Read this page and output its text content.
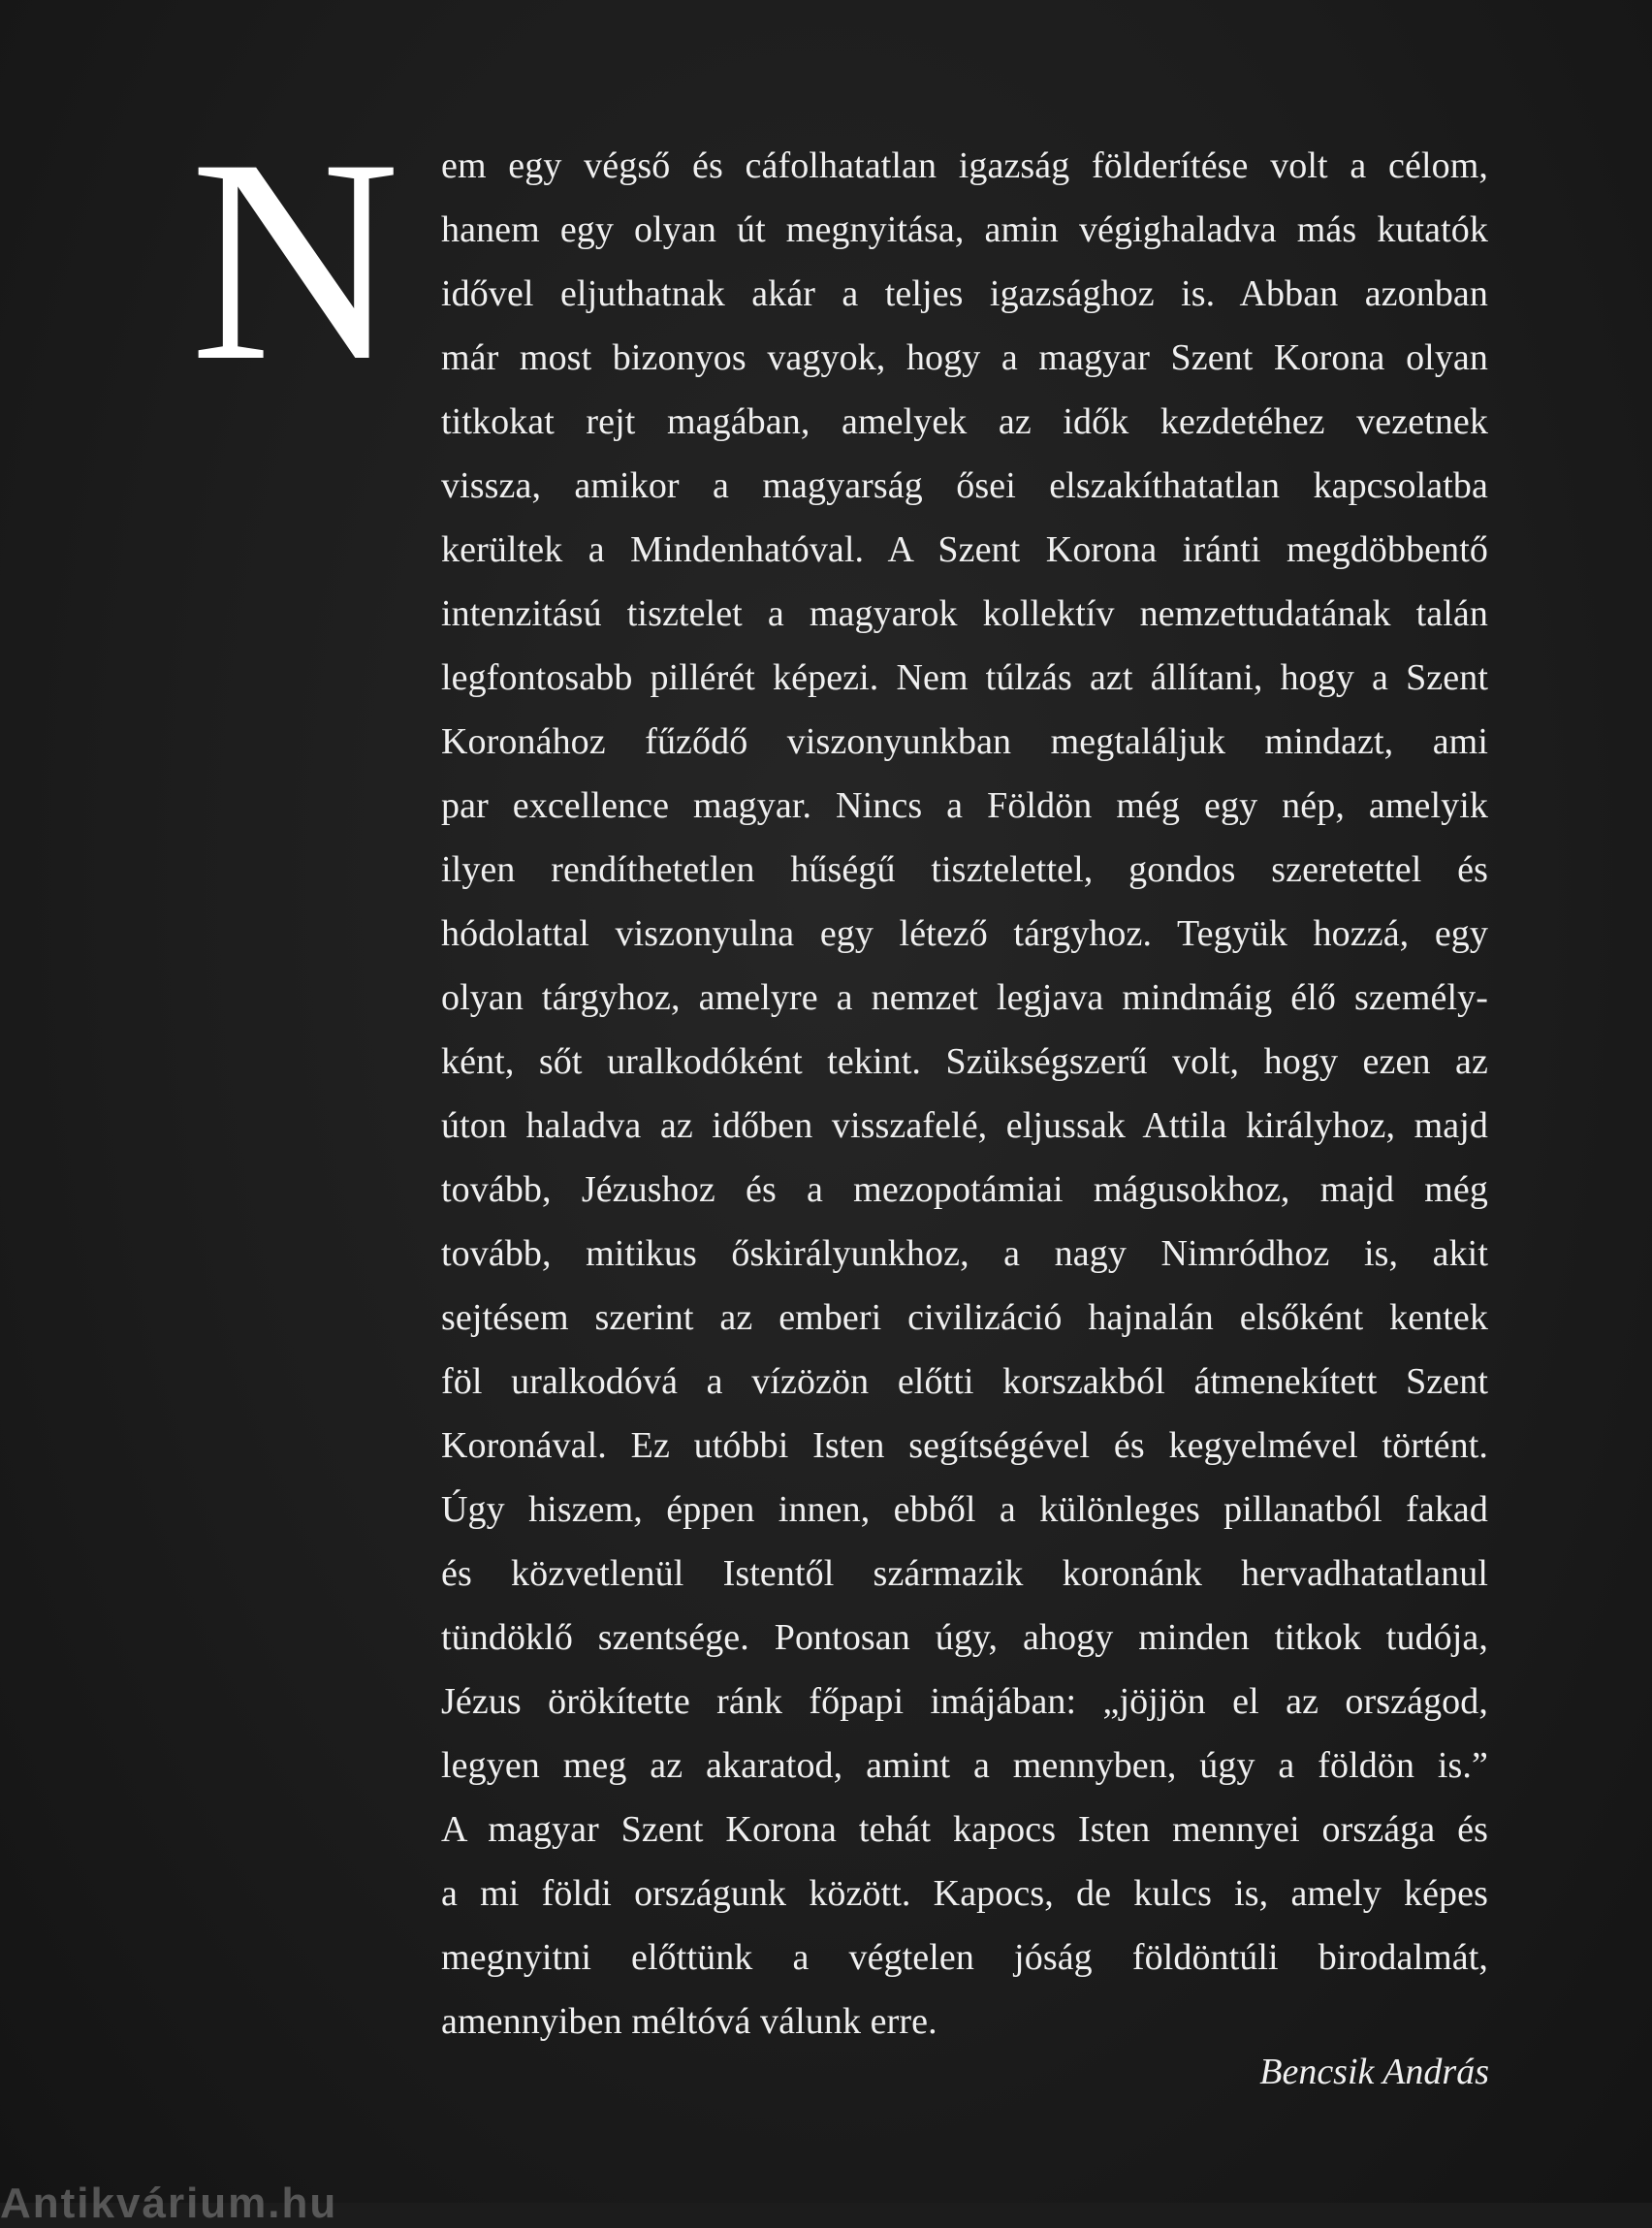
N em egy végső és cáfolhatatlan igazság földerítése volt a célom,
hanem egy olyan út megnyitása, amin végighaladva más kutatók
idővel eljuthatnak akár a teljes igazsághoz is. Abban azonban
már most bizonyos vagyok, hogy a magyar Szent Korona olyan
titkokat rejt magában, amelyek az idők kezdetéhez vezetnek
vissza, amikor a magyarság ősei elszakíthatatlan kapcsolatba
kerültek a Mindenhatóval. A Szent Korona iránti megdöbbentő
intenzitású tisztelet a magyarok kollektív nemzettudatának talán
legfontosabb pillérét képezi. Nem túlzás azt állítani, hogy a Szent
Koronához fűződő viszonyunkban megtaláljuk mindazt, ami
par excellence magyar. Nincs a Földön még egy nép, amelyik
ilyen rendíthetetlen hűségű tisztelettel, gondos szeretettel és
hódolattal viszonyulna egy létező tárgyhoz. Tegyük hozzá, egy
olyan tárgyhoz, amelyre a nemzet legjava mindmáig élő személy-
ként, sőt uralkodóként tekint. Szükségszerű volt, hogy ezen az
úton haladva az időben visszafelé, eljussak Attila királyhoz, majd
tovább, Jézushoz és a mezopotámiai mágusokhoz, majd még
tovább, mitikus őskirályunkhoz, a nagy Nimródhoz is, akit
sejtésem szerint az emberi civilizáció hajnalán elsőként kentek
föl uralkodóvá a vízözön előtti korszakból átmenekített Szent
Koronával. Ez utóbbi Isten segítségével és kegyelmével történt.
Úgy hiszem, éppen innen, ebből a különleges pillanatból fakad
és közvetlenül Istentől származik koronánk hervadhatatlanul
tündöklő szentsége. Pontosan úgy, ahogy minden titkok tudója,
Jézus örökítette ránk főpapi imájában: „jöjjön el az országod,
legyen meg az akaratod, amint a mennyben, úgy a földön is.”
A magyar Szent Korona tehát kapocs Isten mennyei országa és
a mi földi országunk között. Kapocs, de kulcs is, amely képes
megnyitni előttünk a végtelen jóság földöntúli birodalmát,
amennyiben méltóvá válunk erre.
Bencsik András
Antikvárium.hu
